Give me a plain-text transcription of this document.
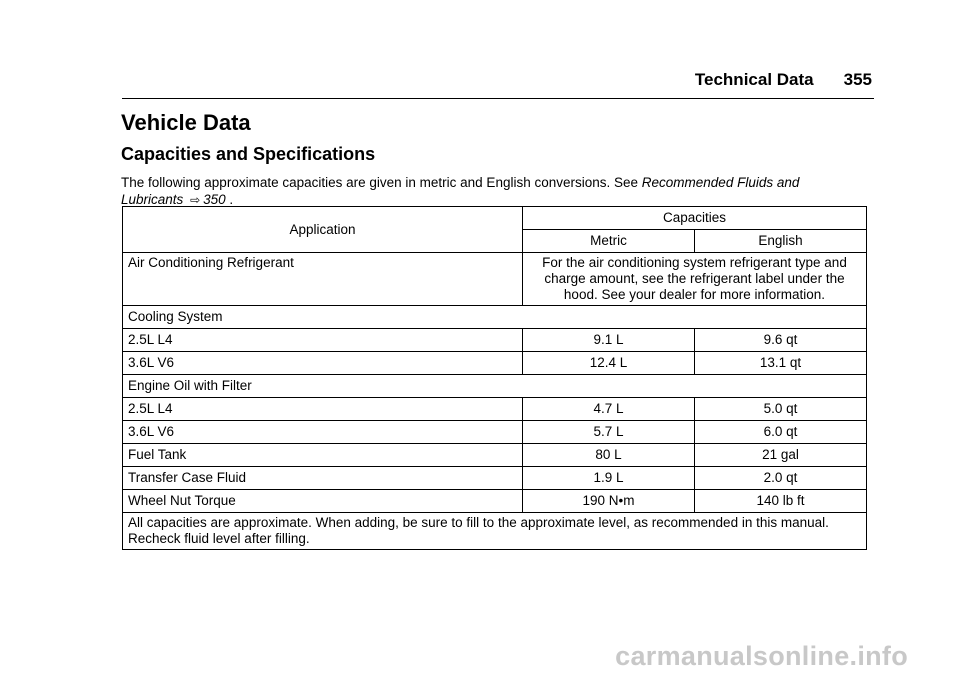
Technical Data 355
Vehicle Data
Capacities and Specifications

The following approximate capacities are given in metric and English conversions. See Recommended Fluids and Lubricants ⇨ 350 .

Application	Capacities	
	Metric	English
Air Conditioning Refrigerant	For the air conditioning system refrigerant type and charge amount, see the refrigerant label under the hood. See your dealer for more information.	
Cooling System		
2.5L L4	9.1 L	9.6 qt
3.6L V6	12.4 L	13.1 qt
Engine Oil with Filter		
2.5L L4	4.7 L	5.0 qt
3.6L V6	5.7 L	6.0 qt
Fuel Tank	80 L	21 gal
Transfer Case Fluid	1.9 L	2.0 qt
Wheel Nut Torque	190 N•m	140 lb ft
All capacities are approximate. When adding, be sure to fill to the approximate level, as recommended in this manual. Recheck fluid level after filling.		
carmanualsonline.info
